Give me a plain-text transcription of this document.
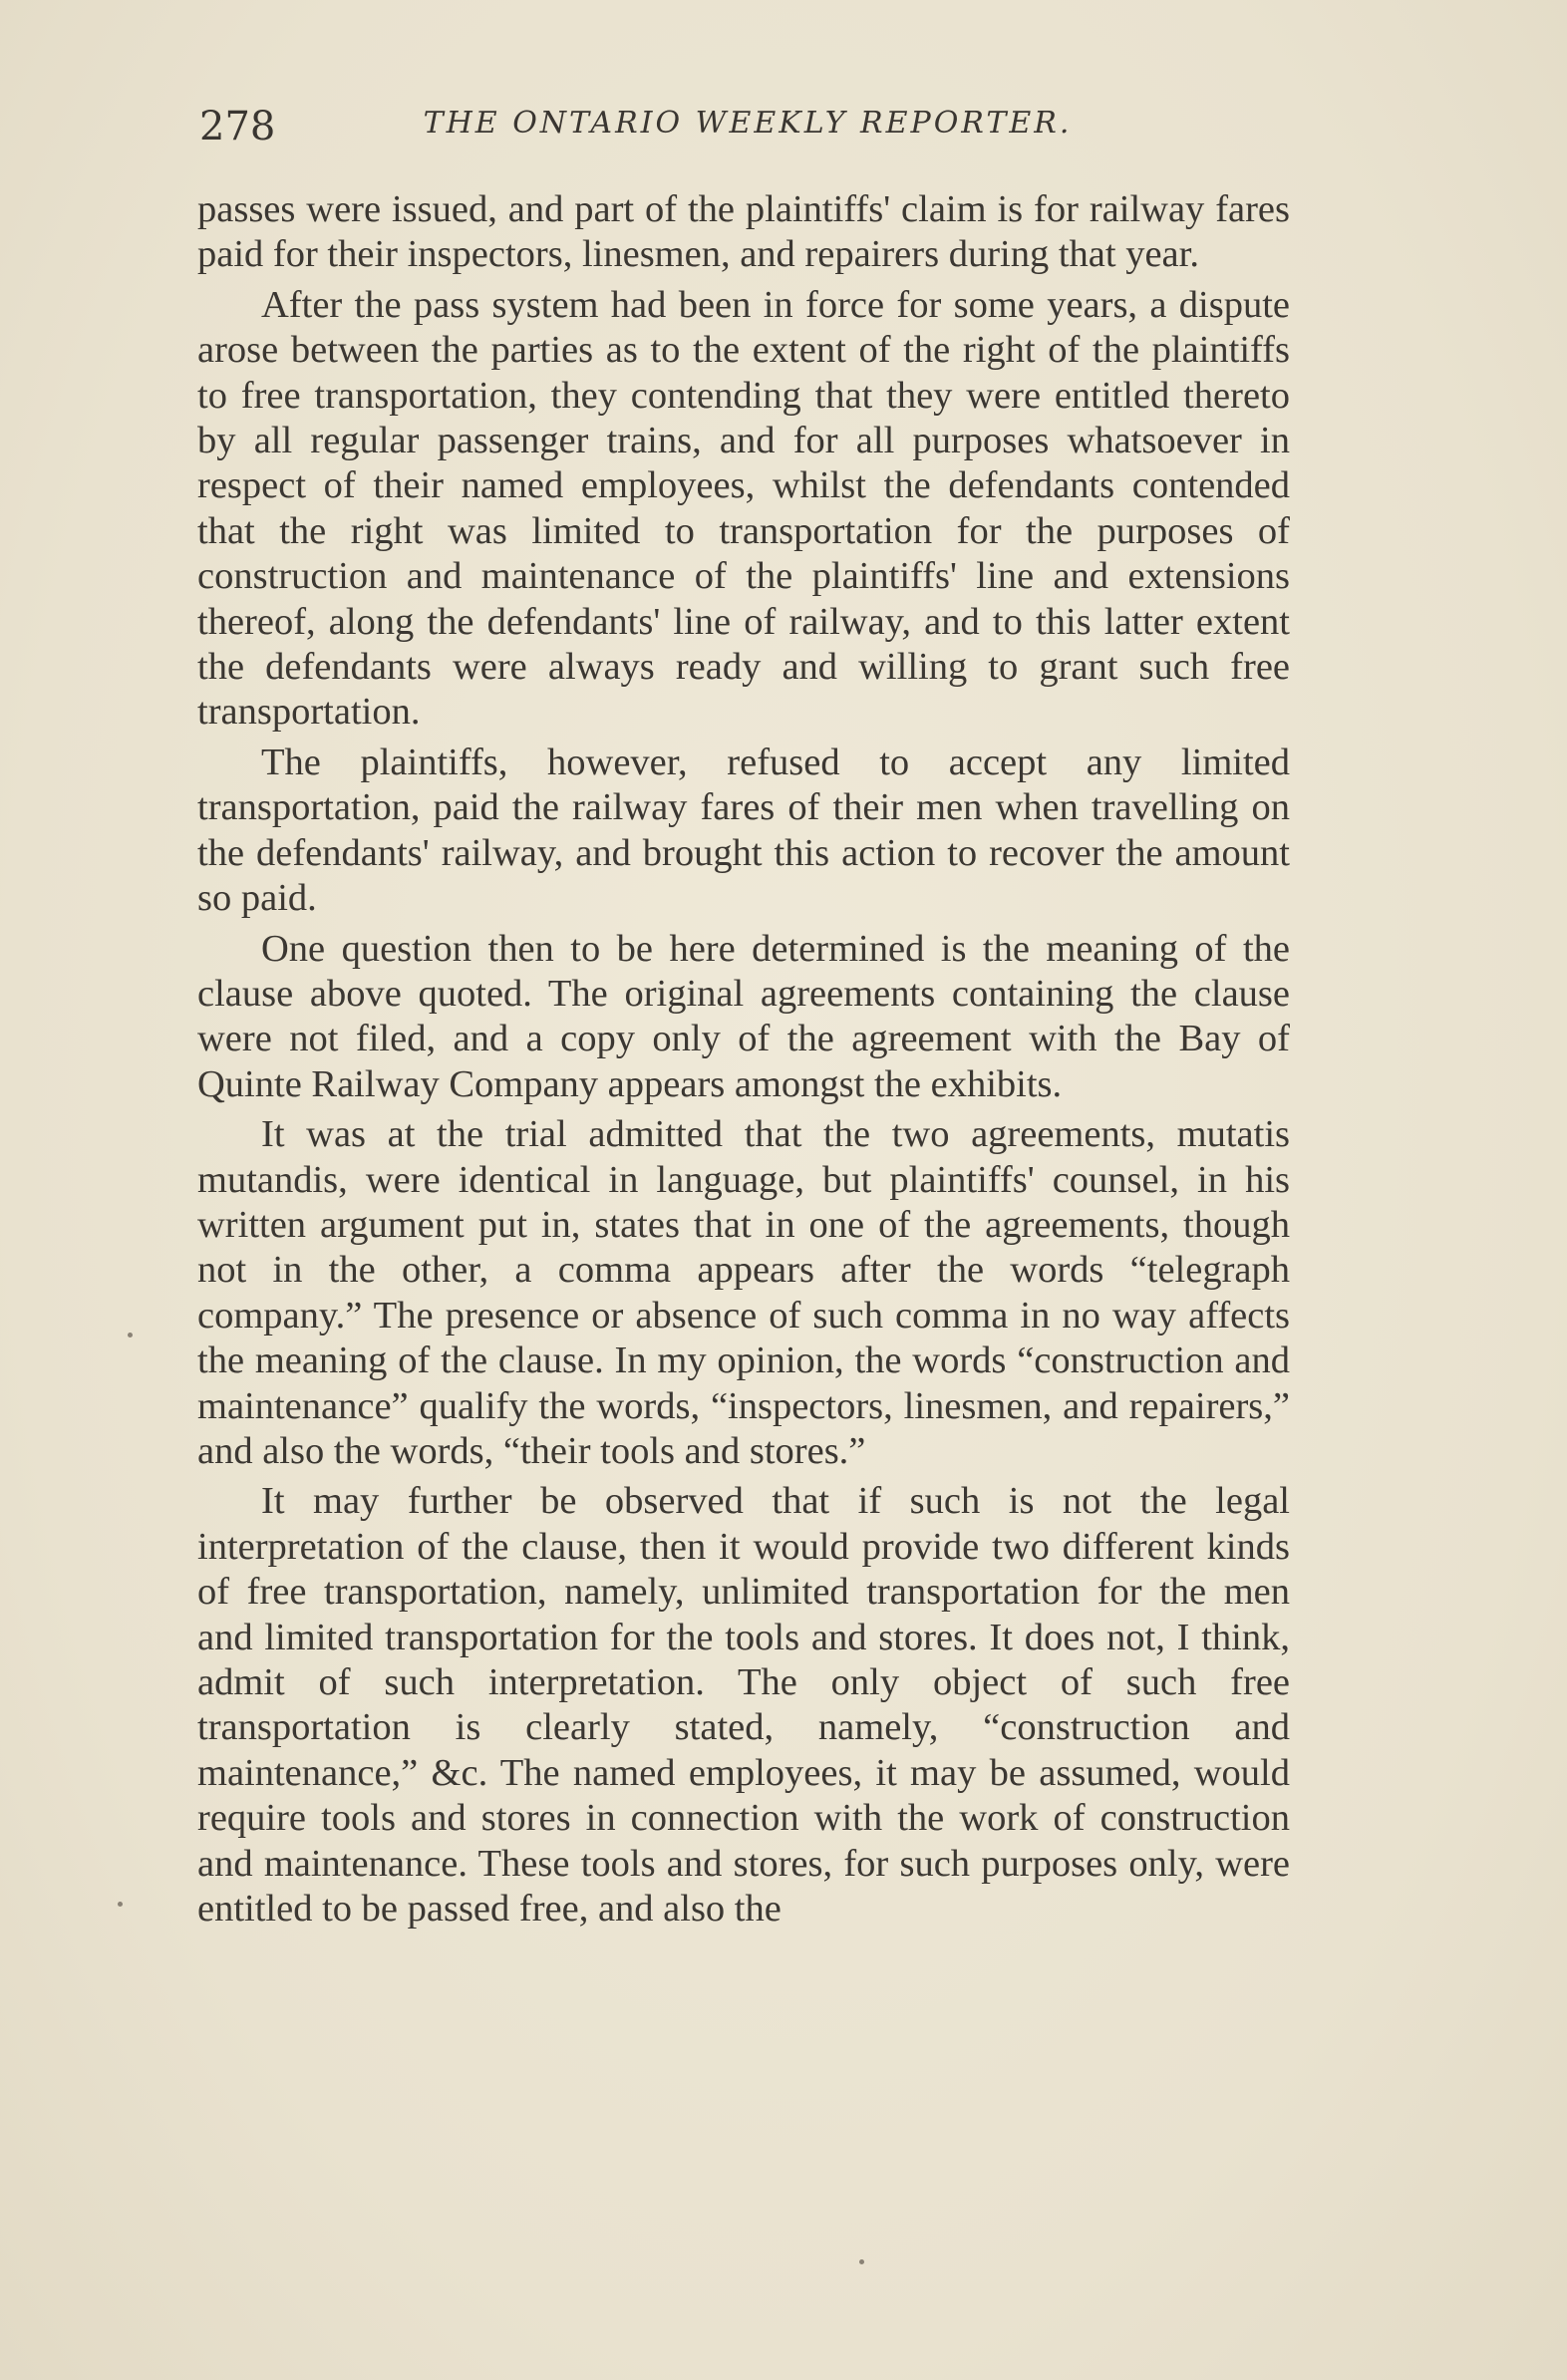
278	THE ONTARIO WEEKLY REPORTER.

passes were issued, and part of the plaintiffs' claim is for railway fares paid for their inspectors, linesmen, and repairers during that year.

After the pass system had been in force for some years, a dispute arose between the parties as to the extent of the right of the plaintiffs to free transportation, they contending that they were entitled thereto by all regular passenger trains, and for all purposes whatsoever in respect of their named employees, whilst the defendants contended that the right was limited to transportation for the purposes of construction and maintenance of the plaintiffs' line and extensions thereof, along the defendants' line of railway, and to this latter extent the defendants were always ready and willing to grant such free transportation.

The plaintiffs, however, refused to accept any limited transportation, paid the railway fares of their men when travelling on the defendants' railway, and brought this action to recover the amount so paid.

One question then to be here determined is the meaning of the clause above quoted. The original agreements containing the clause were not filed, and a copy only of the agreement with the Bay of Quinte Railway Company appears amongst the exhibits.

It was at the trial admitted that the two agreements, mutatis mutandis, were identical in language, but plaintiffs' counsel, in his written argument put in, states that in one of the agreements, though not in the other, a comma appears after the words “telegraph company.” The presence or absence of such comma in no way affects the meaning of the clause. In my opinion, the words “construction and maintenance” qualify the words, “inspectors, linesmen, and repairers,” and also the words, “their tools and stores.”

It may further be observed that if such is not the legal interpretation of the clause, then it would provide two different kinds of free transportation, namely, unlimited transportation for the men and limited transportation for the tools and stores. It does not, I think, admit of such interpretation. The only object of such free transportation is clearly stated, namely, “construction and maintenance,” &c. The named employees, it may be assumed, would require tools and stores in connection with the work of construction and maintenance. These tools and stores, for such purposes only, were entitled to be passed free, and also the
